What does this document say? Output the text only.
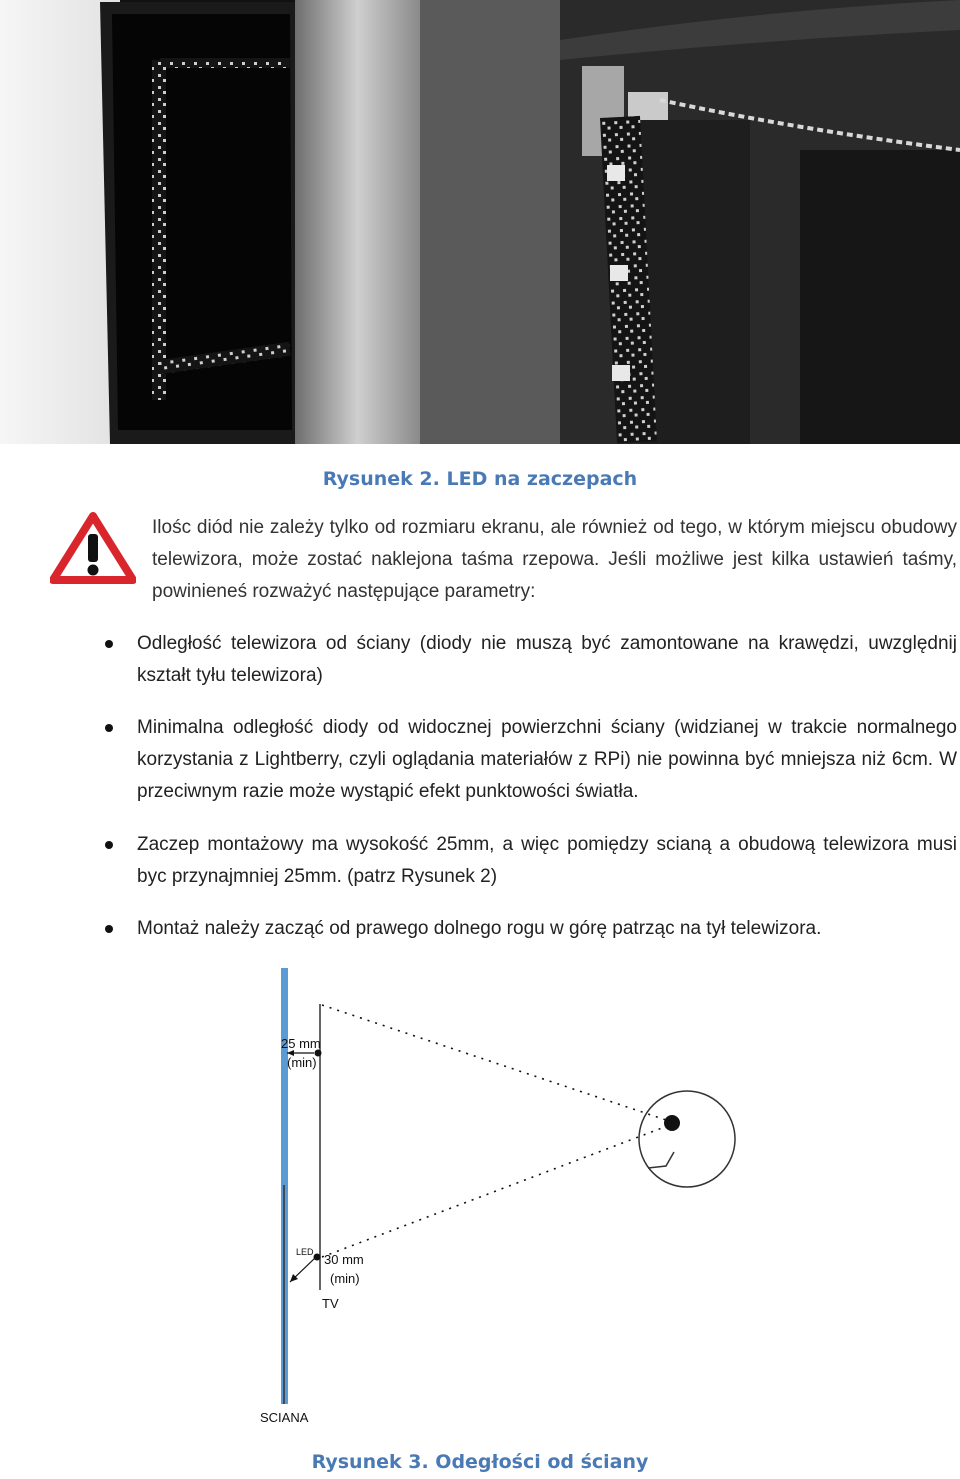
Rysunek 2. LED na zaczepach
Ilośc diód nie zależy tylko od rozmiaru ekranu, ale również od tego, w którym miejscu obudowy telewizora, może zostać naklejona taśma rzepowa. Jeśli możliwe jest kilka ustawień taśmy, powinieneś rozważyć następujące parametry:
Odległość telewizora od ściany (diody nie muszą być zamontowane na krawędzi, uwzględnij kształt tyłu telewizora)
Minimalna odległość diody od widocznej powierzchni ściany (widzianej w trakcie normalnego korzystania z Lightberry, czyli oglądania materiałów z RPi) nie powinna być mniejsza niż 6cm. W przeciwnym razie może wystąpić efekt punktowości światła.
Zaczep montażowy ma wysokość 25mm, a więc pomiędzy scianą a obudową telewizora musi byc przynajmniej 25mm. (patrz Rysunek 2)
Montaż należy zacząć od prawego dolnego rogu w górę patrząc na tył telewizora.
25 mm
(min)
LED 30 mm
(min)
TV
SCIANA
Rysunek 3. Odegłości od ściany
